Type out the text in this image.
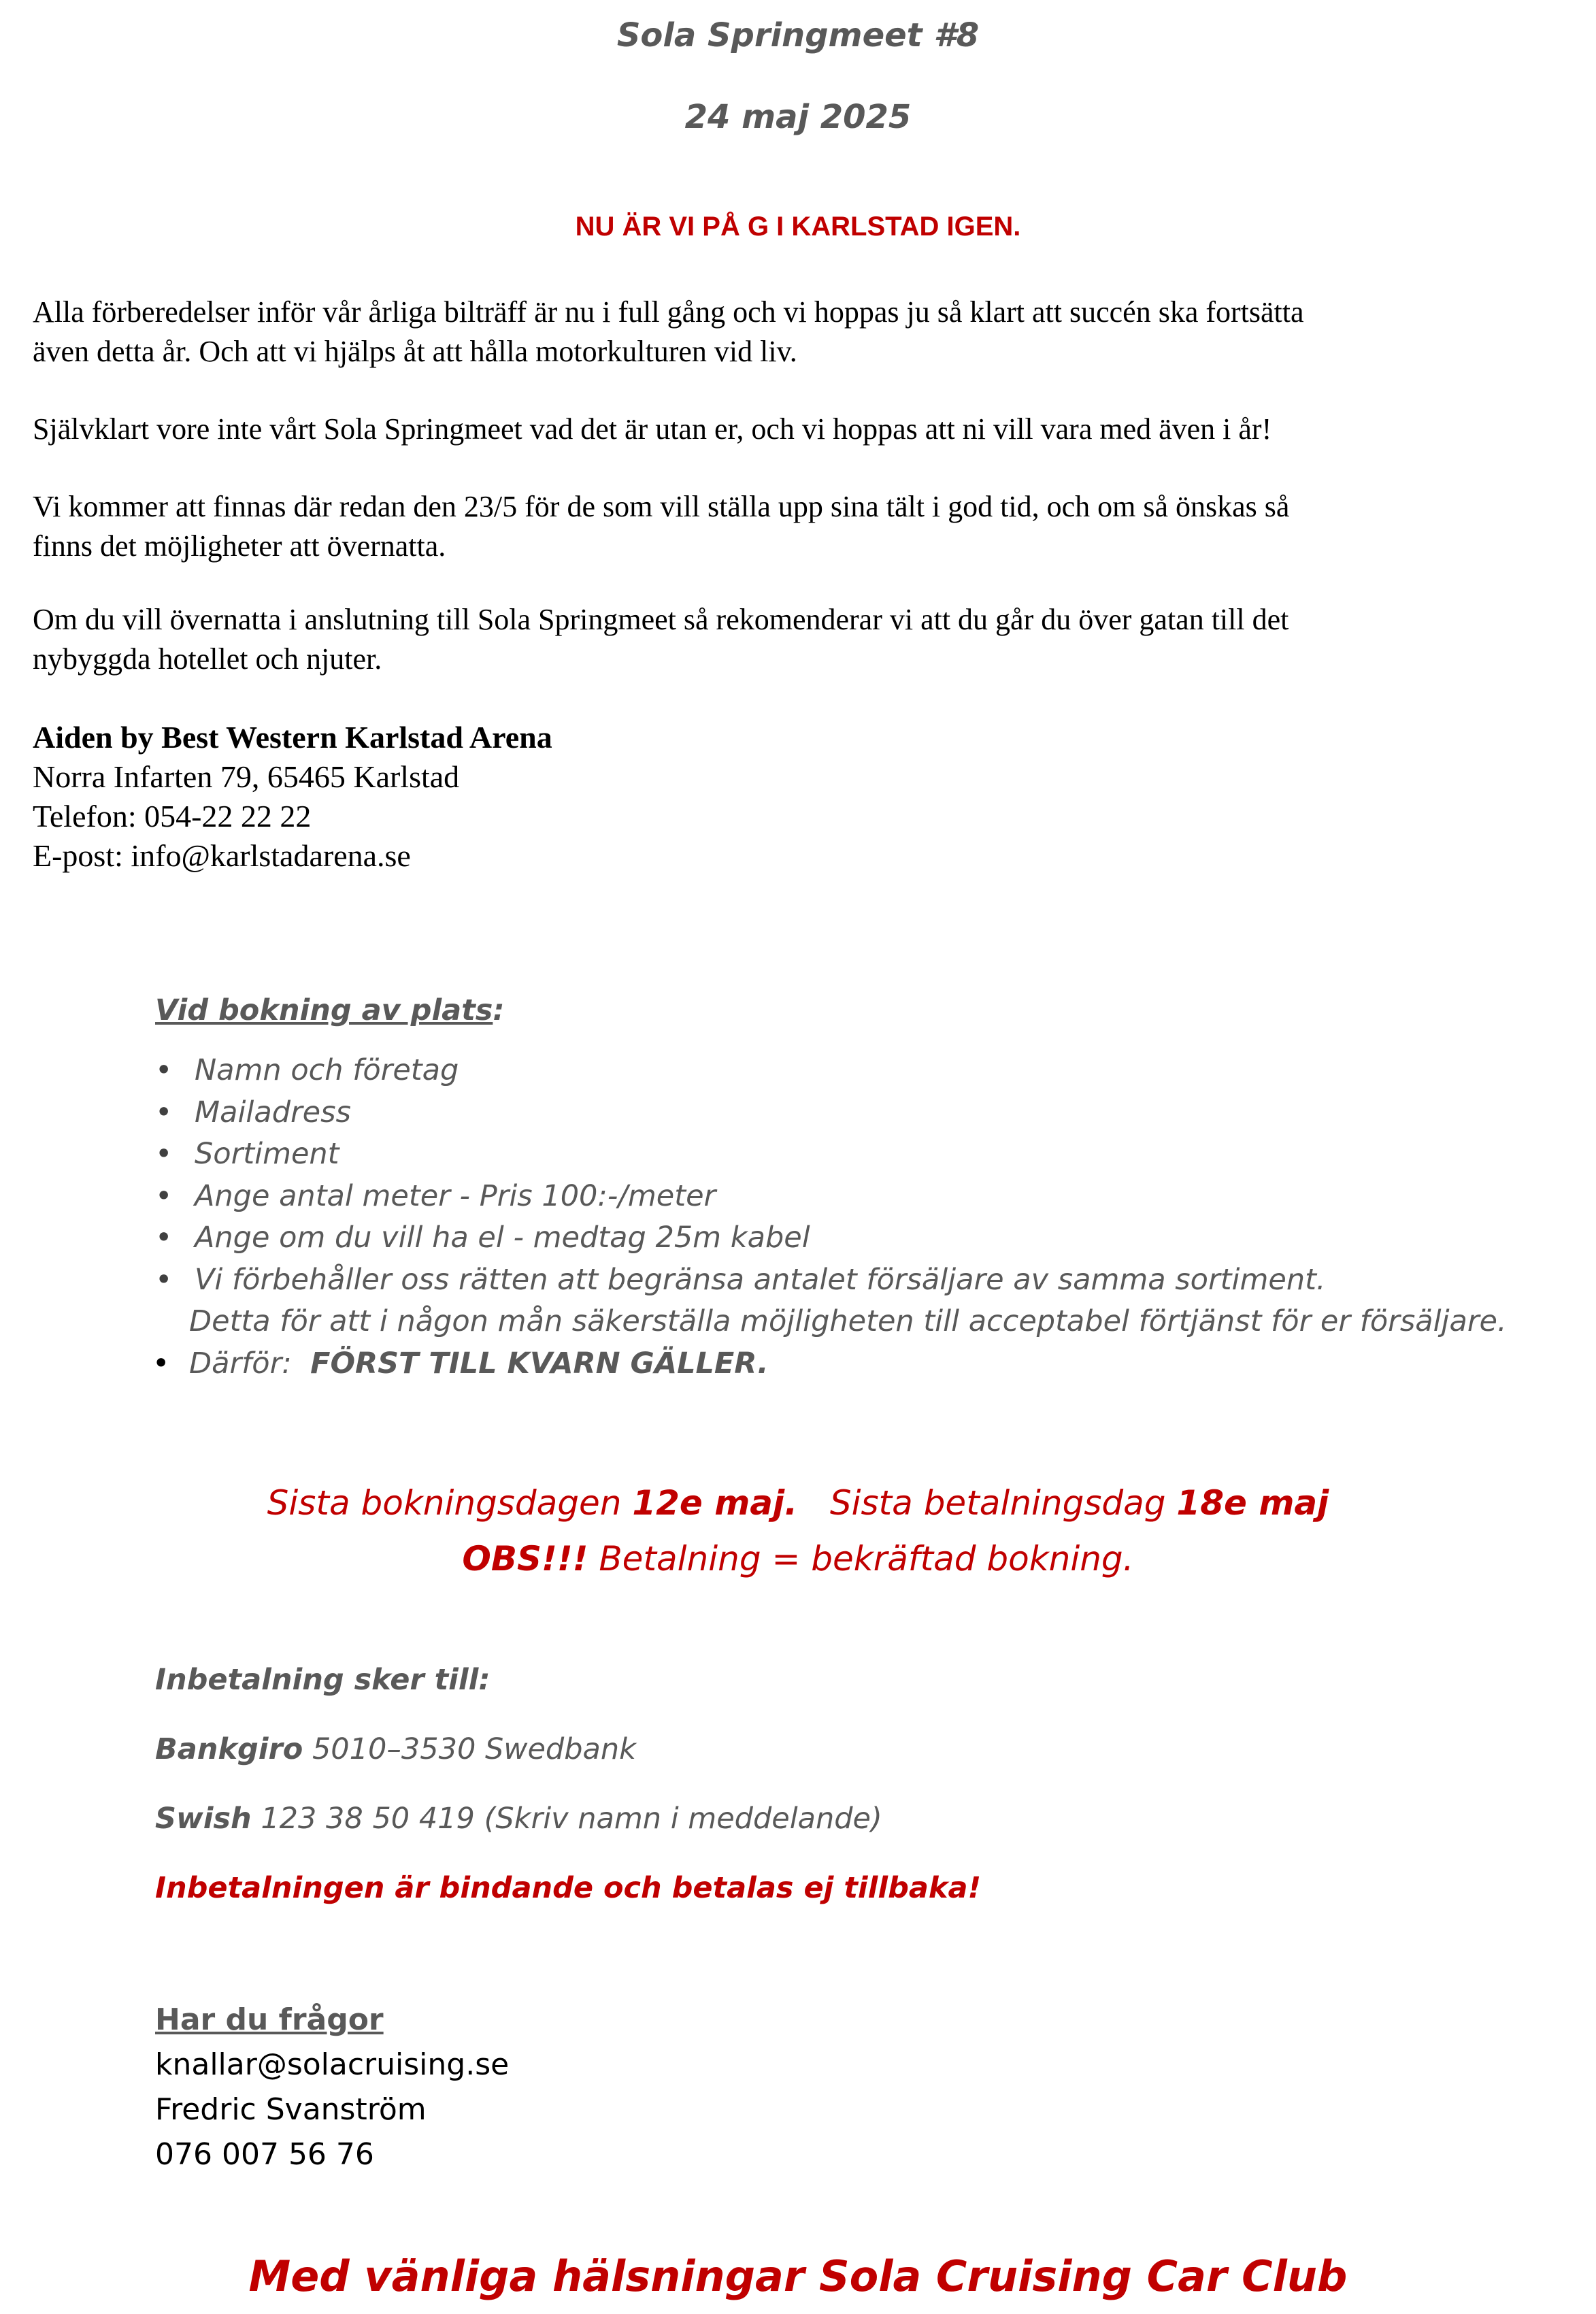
Sola Springmeet #8
24 maj 2025
NU ÄR VI PÅ G I KARLSTAD IGEN.
Alla förberedelser inför vår årliga bilträff är nu i full gång och vi hoppas ju så klart att succén ska fortsätta
även detta år. Och att vi hjälps åt att hålla motorkulturen vid liv.
Självklart vore inte vårt Sola Springmeet vad det är utan er, och vi hoppas att ni vill vara med även i år!
Vi kommer att finnas där redan den 23/5 för de som vill ställa upp sina tält i god tid, och om så önskas så
finns det möjligheter att övernatta.
Om du vill övernatta i anslutning till Sola Springmeet så rekomenderar vi att du går du över gatan till det
nybyggda hotellet och njuter.
Aiden by Best Western Karlstad Arena
Norra Infarten 79, 65465 Karlstad
Telefon: 054-22 22 22
E-post: info@karlstadarena.se
Vid bokning av plats:
• Namn och företag
• Mailadress
• Sortiment
• Ange antal meter - Pris 100:-/meter
• Ange om du vill ha el - medtag 25m kabel
• Vi förbehåller oss rätten att begränsa antalet försäljare av samma sortiment.
Detta för att i någon mån säkerställa möjligheten till acceptabel förtjänst för er försäljare.
• Därför: FÖRST TILL KVARN GÄLLER.
Sista bokningsdagen 12e maj. Sista betalningsdag 18e maj
OBS!!! Betalning = bekräftad bokning.

Inbetalning sker till:

Bankgiro 5010–3530 Swedbank

Swish 123 38 50 419 (Skriv namn i meddelande)

Inbetalningen är bindande och betalas ej tillbaka!

Har du frågor
knallar@solacruising.se
Fredric Svanström
076 007 56 76
Med vänliga hälsningar Sola Cruising Car Club
